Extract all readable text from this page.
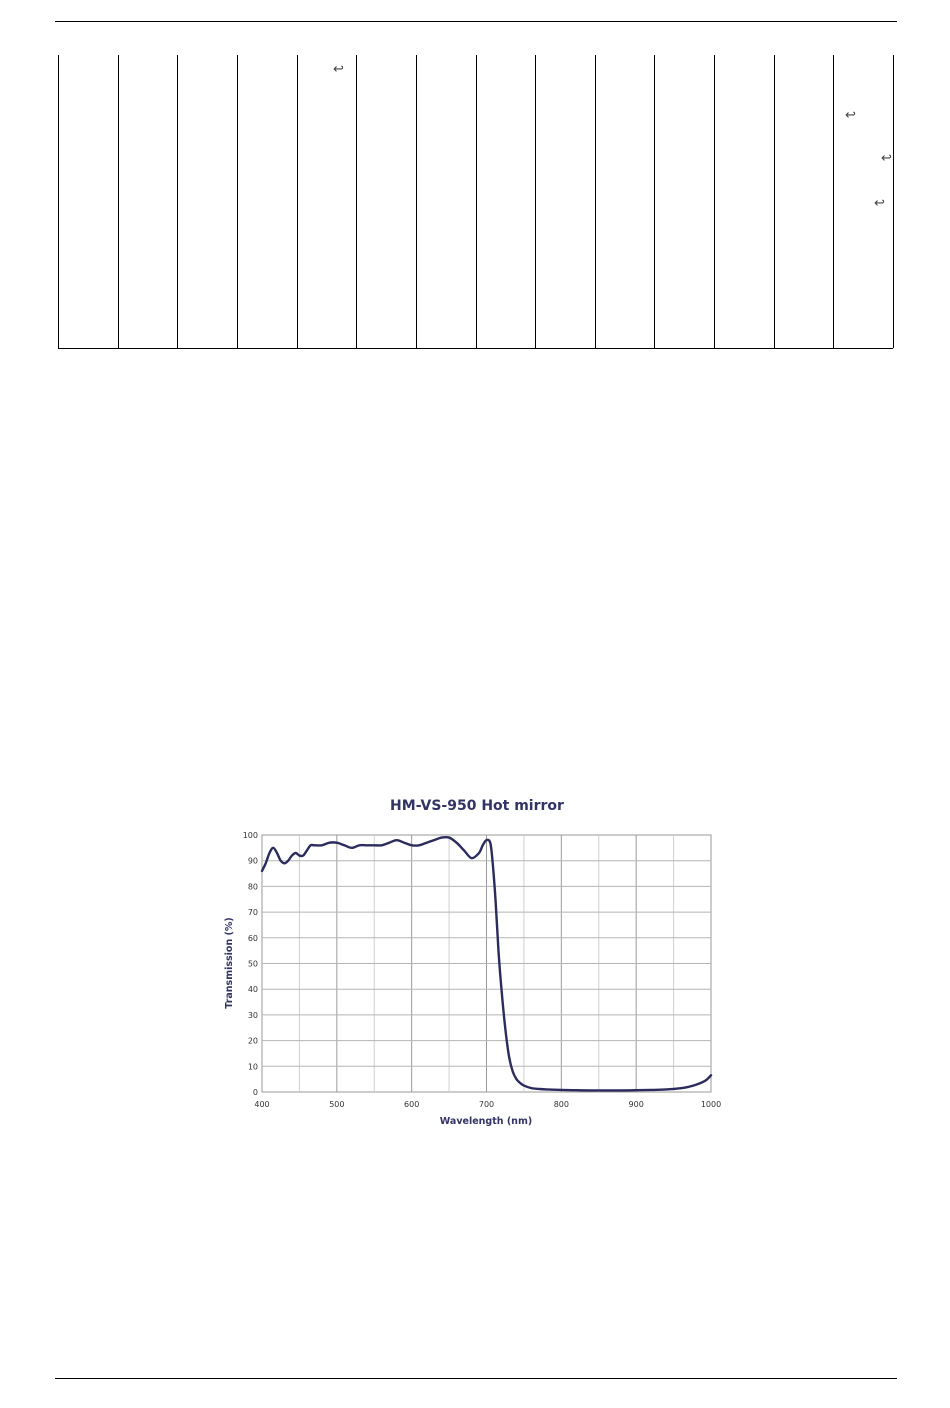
↩
↩
↩
↩
HM-VS-950 Hot mirror
0
10
20
30
40
50
60
70
80
90
100
400	500	600	700	800	900	1000
Wavelength (nm)
Transmission (%)
